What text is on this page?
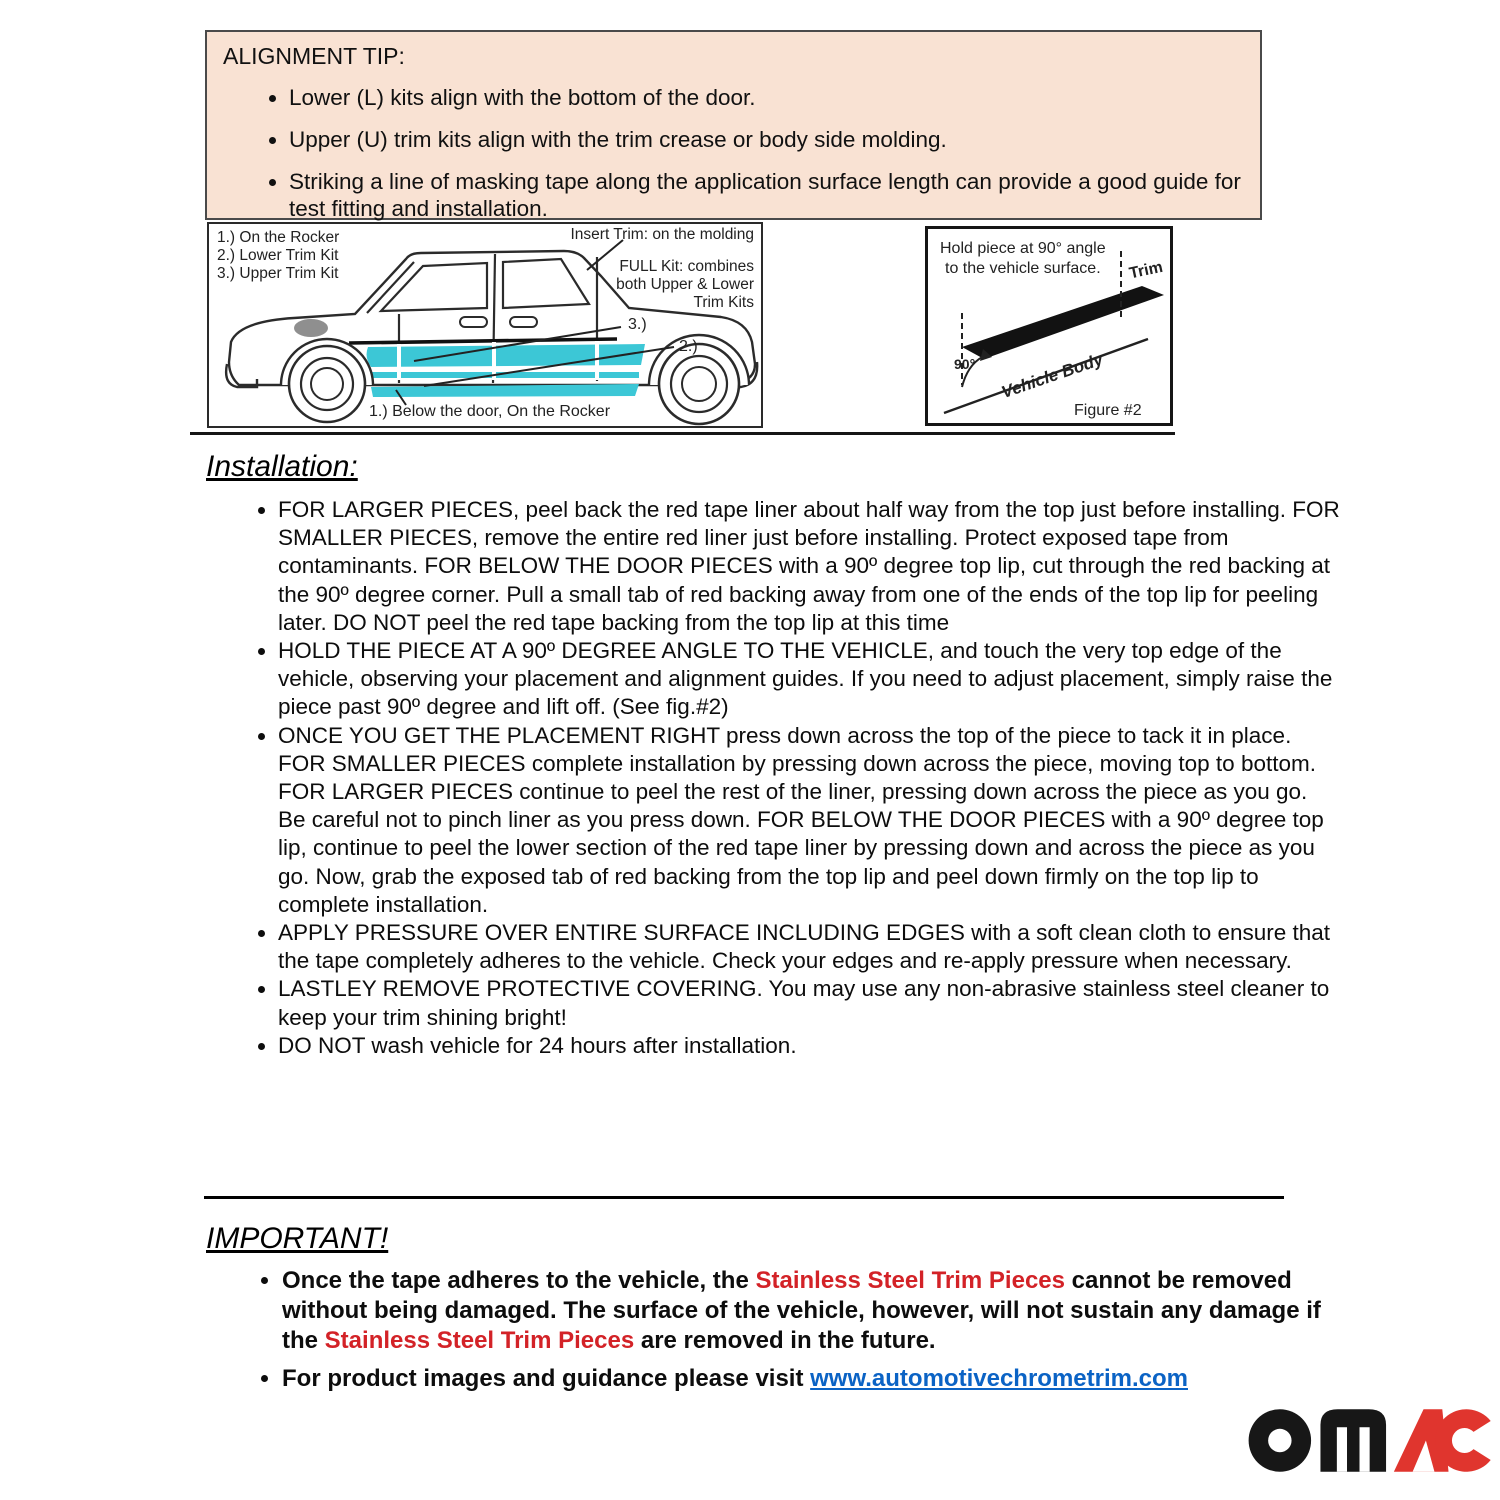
ALIGNMENT TIP:
• Lower (L) kits align with the bottom of the door.
• Upper (U) trim kits align with the trim crease or body side molding.
• Striking a line of masking tape along the application surface length can provide a good guide for test fitting and installation.
1.) On the Rocker
2.) Lower Trim Kit
3.) Upper Trim Kit
Insert Trim: on the molding
FULL Kit: combines
both Upper & Lower
Trim Kits
3.)
2.)
1.) Below the door, On the Rocker
Hold piece at 90° angle
to the vehicle surface.
90° Vehicle Body
Trim
Figure #2
Installation:
• FOR LARGER PIECES, peel back the red tape liner about half way from the top just before installing. FOR SMALLER PIECES, remove the entire red liner just before installing. Protect exposed tape from contaminants. FOR BELOW THE DOOR PIECES with a 90º degree top lip, cut through the red backing at the 90º degree corner. Pull a small tab of red backing away from one of the ends of the top lip for peeling later. DO NOT peel the red tape backing from the top lip at this time
• HOLD THE PIECE AT A 90º DEGREE ANGLE TO THE VEHICLE, and touch the very top edge of the vehicle, observing your placement and alignment guides. If you need to adjust placement, simply raise the piece past 90º degree and lift off. (See fig.#2)
• ONCE YOU GET THE PLACEMENT RIGHT press down across the top of the piece to tack it in place. FOR SMALLER PIECES complete installation by pressing down across the piece, moving top to bottom. FOR LARGER PIECES continue to peel the rest of the liner, pressing down across the piece as you go. Be careful not to pinch liner as you press down. FOR BELOW THE DOOR PIECES with a 90º degree top lip, continue to peel the lower section of the red tape liner by pressing down and across the piece as you go. Now, grab the exposed tab of red backing from the top lip and peel down firmly on the top lip to complete installation.
• APPLY PRESSURE OVER ENTIRE SURFACE INCLUDING EDGES with a soft clean cloth to ensure that the tape completely adheres to the vehicle. Check your edges and re-apply pressure when necessary.
• LASTLEY REMOVE PROTECTIVE COVERING. You may use any non-abrasive stainless steel cleaner to keep your trim shining bright!
• DO NOT wash vehicle for 24 hours after installation.
IMPORTANT!
• Once the tape adheres to the vehicle, the Stainless Steel Trim Pieces cannot be removed without being damaged. The surface of the vehicle, however, will not sustain any damage if the Stainless Steel Trim Pieces are removed in the future.
• For product images and guidance please visit www.automotivechrometrim.com
